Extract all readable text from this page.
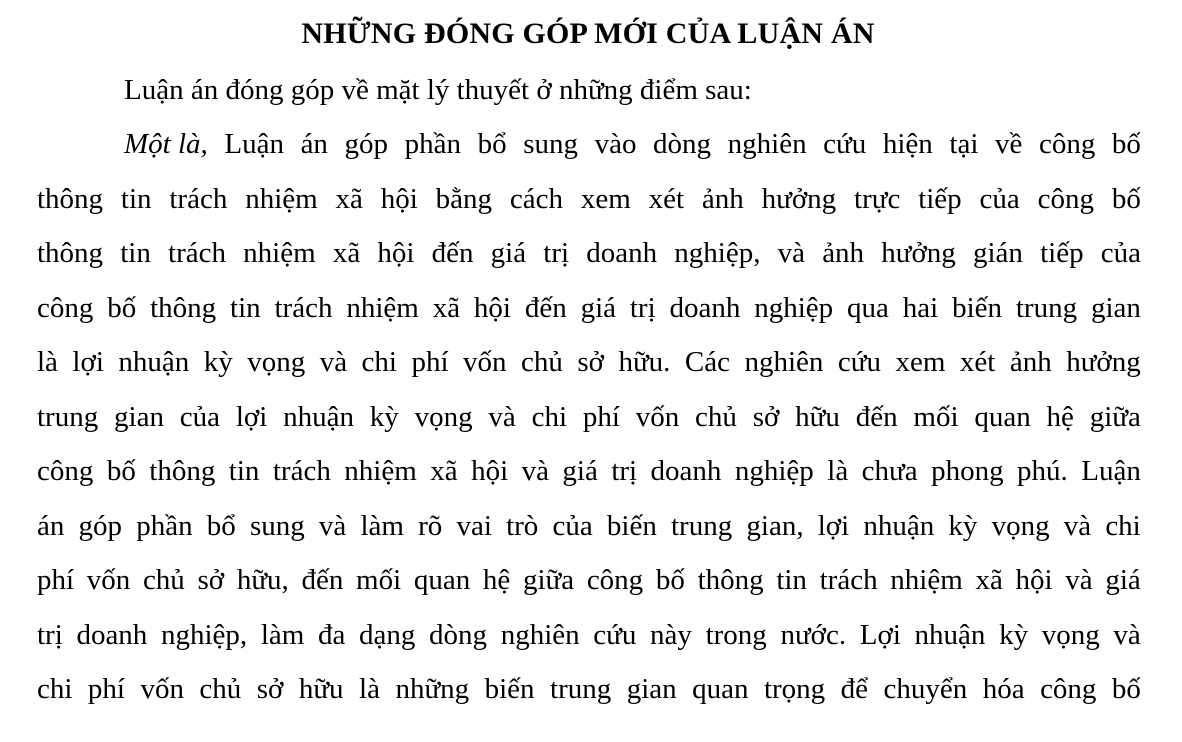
NHỮNG ĐÓNG GÓP MỚI CỦA LUẬN ÁN

Luận án đóng góp về mặt lý thuyết ở những điểm sau:

Một là, Luận án góp phần bổ sung vào dòng nghiên cứu hiện tại về công bố
thông tin trách nhiệm xã hội bằng cách xem xét ảnh hưởng trực tiếp của công bố
thông tin trách nhiệm xã hội đến giá trị doanh nghiệp, và ảnh hưởng gián tiếp của
công bố thông tin trách nhiệm xã hội đến giá trị doanh nghiệp qua hai biến trung gian
là lợi nhuận kỳ vọng và chi phí vốn chủ sở hữu. Các nghiên cứu xem xét ảnh hưởng
trung gian của lợi nhuận kỳ vọng và chi phí vốn chủ sở hữu đến mối quan hệ giữa
công bố thông tin trách nhiệm xã hội và giá trị doanh nghiệp là chưa phong phú. Luận
án góp phần bổ sung và làm rõ vai trò của biến trung gian, lợi nhuận kỳ vọng và chi
phí vốn chủ sở hữu, đến mối quan hệ giữa công bố thông tin trách nhiệm xã hội và giá
trị doanh nghiệp, làm đa dạng dòng nghiên cứu này trong nước. Lợi nhuận kỳ vọng và
chi phí vốn chủ sở hữu là những biến trung gian quan trọng để chuyển hóa công bố
